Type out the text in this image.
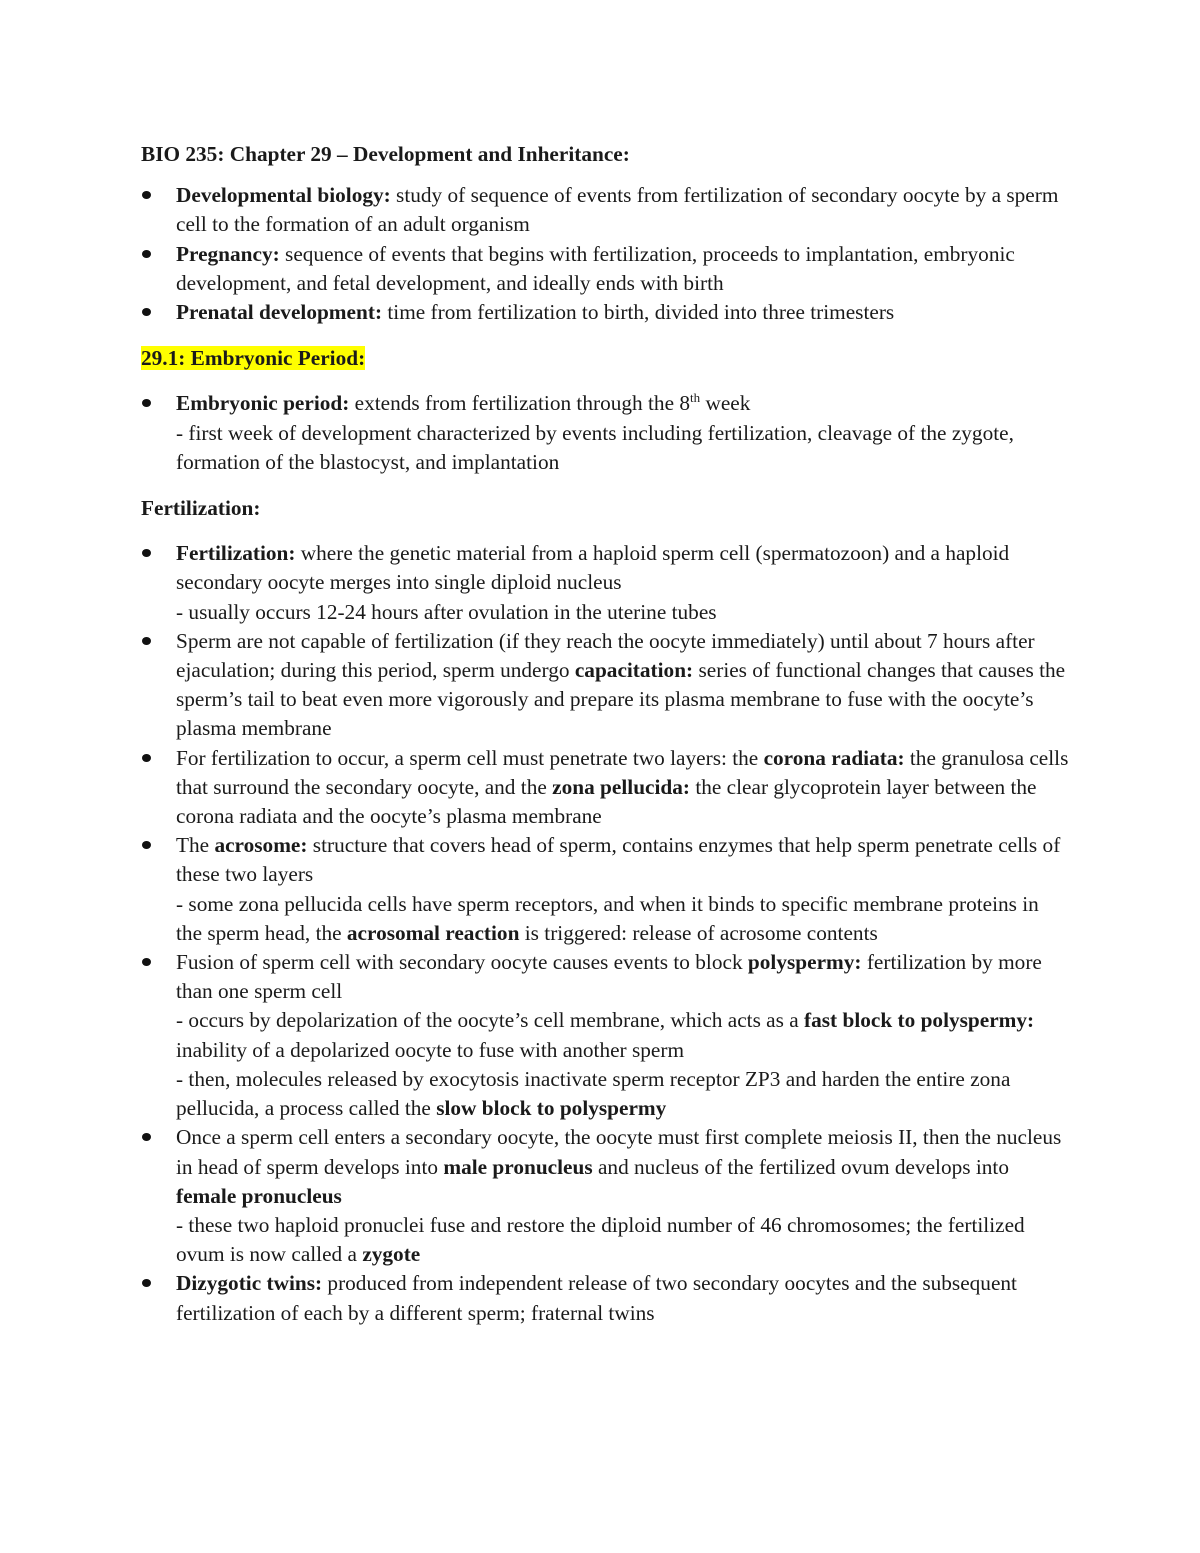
BIO 235: Chapter 29 – Development and Inheritance:
Developmental biology: study of sequence of events from fertilization of secondary oocyte by a sperm cell to the formation of an adult organism
Pregnancy: sequence of events that begins with fertilization, proceeds to implantation, embryonic development, and fetal development, and ideally ends with birth
Prenatal development: time from fertilization to birth, divided into three trimesters
29.1: Embryonic Period:
Embryonic period: extends from fertilization through the 8th week
- first week of development characterized by events including fertilization, cleavage of the zygote, formation of the blastocyst, and implantation
Fertilization:
Fertilization: where the genetic material from a haploid sperm cell (spermatozoon) and a haploid secondary oocyte merges into single diploid nucleus
- usually occurs 12-24 hours after ovulation in the uterine tubes
Sperm are not capable of fertilization (if they reach the oocyte immediately) until about 7 hours after ejaculation; during this period, sperm undergo capacitation: series of functional changes that causes the sperm’s tail to beat even more vigorously and prepare its plasma membrane to fuse with the oocyte’s plasma membrane
For fertilization to occur, a sperm cell must penetrate two layers: the corona radiata: the granulosa cells that surround the secondary oocyte, and the zona pellucida: the clear glycoprotein layer between the corona radiata and the oocyte’s plasma membrane
The acrosome: structure that covers head of sperm, contains enzymes that help sperm penetrate cells of these two layers
- some zona pellucida cells have sperm receptors, and when it binds to specific membrane proteins in the sperm head, the acrosomal reaction is triggered: release of acrosome contents
Fusion of sperm cell with secondary oocyte causes events to block polyspermy: fertilization by more than one sperm cell
- occurs by depolarization of the oocyte’s cell membrane, which acts as a fast block to polyspermy: inability of a depolarized oocyte to fuse with another sperm
- then, molecules released by exocytosis inactivate sperm receptor ZP3 and harden the entire zona pellucida, a process called the slow block to polyspermy
Once a sperm cell enters a secondary oocyte, the oocyte must first complete meiosis II, then the nucleus in head of sperm develops into male pronucleus and nucleus of the fertilized ovum develops into female pronucleus
- these two haploid pronuclei fuse and restore the diploid number of 46 chromosomes; the fertilized ovum is now called a zygote
Dizygotic twins: produced from independent release of two secondary oocytes and the subsequent fertilization of each by a different sperm; fraternal twins
